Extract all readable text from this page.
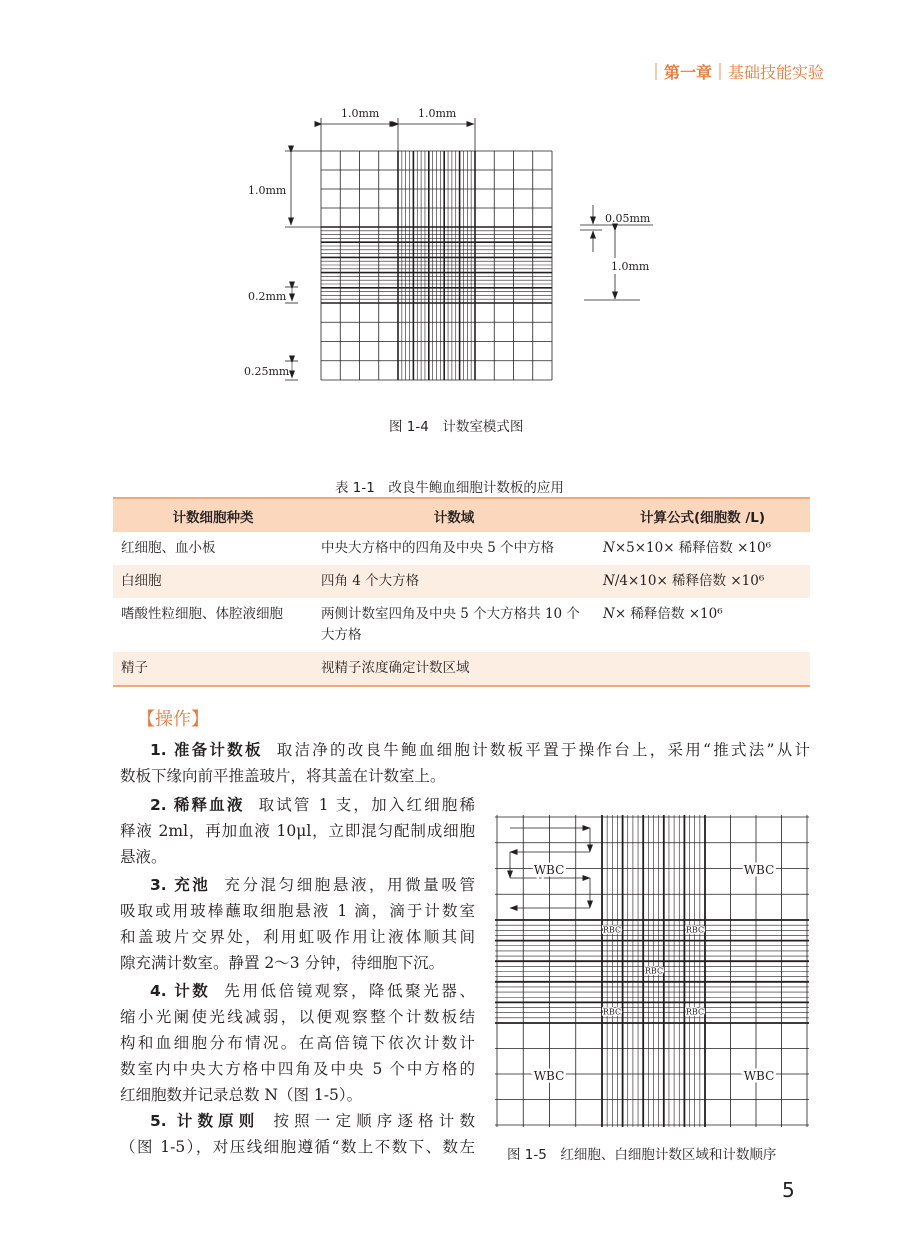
第一章 基础技能实验
1.0mm	1.0mm
1.0mm
0.2mm
0.25mm
0.05mm
1.0mm
WBC	WBC
WBC	WBC
RBC	RBC
RBC
RBC	RBC
图 1-4　计数室模式图
表 1-1　改良牛鲍血细胞计数板的应用
计数细胞种类	计数域	计算公式(细胞数 /L)
红细胞、血小板	中央大方格中的四角及中央 5 个中方格	N×5×10× 稀释倍数 ×10⁶
白细胞	四角 4 个大方格	N/4×10× 稀释倍数 ×10⁶
嗜酸性粒细胞、体腔液细胞	两侧计数室四角及中央 5 个大方格共 10 个大方格	N× 稀释倍数 ×10⁶
精子	视精子浓度确定计数区域	
【操作】
1. 准备计数板 取洁净的改良牛鲍血细胞计数板平置于操作台上，采用“推式法”从计
数板下缘向前平推盖玻片，将其盖在计数室上。
2. 稀释血液 取试管 1 支，加入红细胞稀
释液 2ml，再加血液 10μl，立即混匀配制成细胞
悬液。
3. 充池 充分混匀细胞悬液，用微量吸管
吸取或用玻棒蘸取细胞悬液 1 滴，滴于计数室
和盖玻片交界处，利用虹吸作用让液体顺其间
隙充满计数室。静置 2～3 分钟，待细胞下沉。
4. 计数 先用低倍镜观察，降低聚光器、
缩小光阑使光线减弱，以便观察整个计数板结
构和血细胞分布情况。在高倍镜下依次计数计
数室内中央大方格中四角及中央 5 个中方格的
红细胞数并记录总数 N（图 1-5）。
5. 计数原则 按照一定顺序逐格计数
（图 1-5），对压线细胞遵循“数上不数下、数左 图 1-5　红细胞、白细胞计数区域和计数顺序
5
